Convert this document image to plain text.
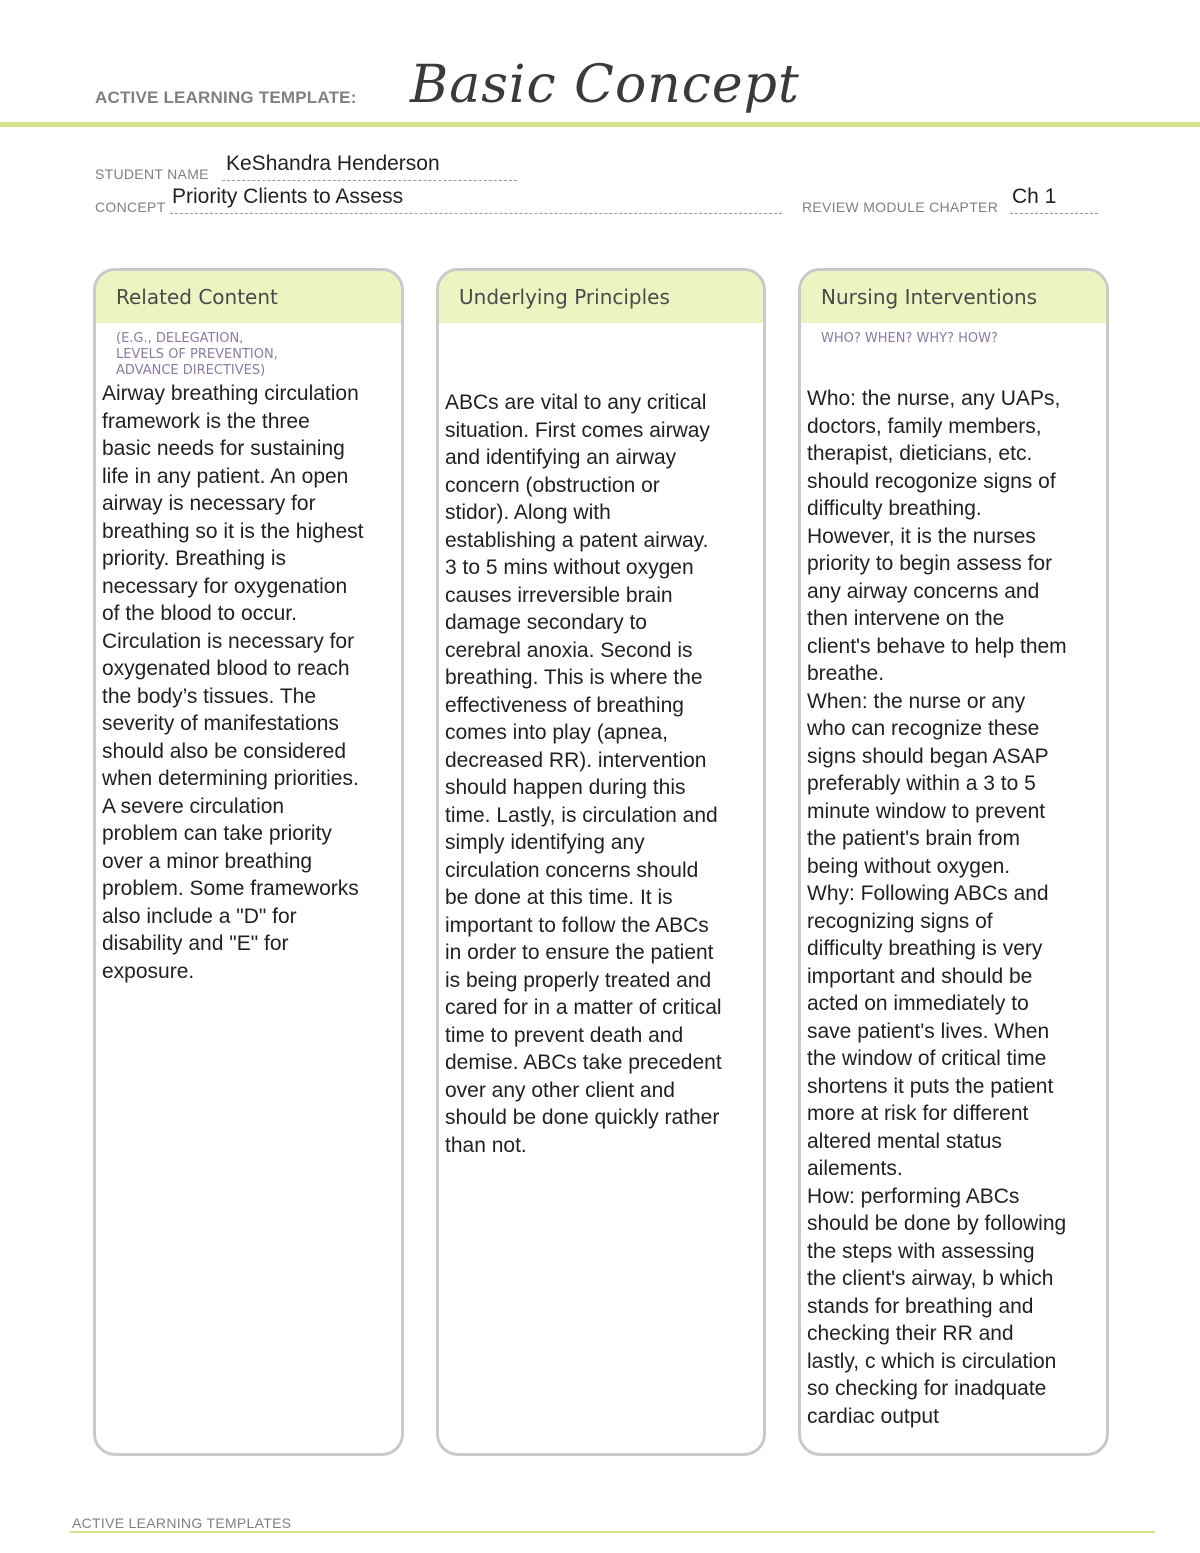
ACTIVE LEARNING TEMPLATE: Basic Concept
STUDENT NAME KeShandra Henderson
CONCEPT Priority Clients to Assess	REVIEW MODULE CHAPTER Ch 1
Related Content
(E.G., DELEGATION,
LEVELS OF PREVENTION,
ADVANCE DIRECTIVES)
Airway breathing circulation
framework is the three
basic needs for sustaining
life in any patient. An open
airway is necessary for
breathing so it is the highest
priority. Breathing is
necessary for oxygenation
of the blood to occur.
Circulation is necessary for
oxygenated blood to reach
the body’s tissues. The
severity of manifestations
should also be considered
when determining priorities.
A severe circulation
problem can take priority
over a minor breathing
problem. Some frameworks
also include a "D" for
disability and "E" for
exposure.
Underlying Principles
ABCs are vital to any critical
situation. First comes airway
and identifying an airway
concern (obstruction or
stidor). Along with
establishing a patent airway.
3 to 5 mins without oxygen
causes irreversible brain
damage secondary to
cerebral anoxia. Second is
breathing. This is where the
effectiveness of breathing
comes into play (apnea,
decreased RR). intervention
should happen during this
time. Lastly, is circulation and
simply identifying any
circulation concerns should
be done at this time. It is
important to follow the ABCs
in order to ensure the patient
is being properly treated and
cared for in a matter of critical
time to prevent death and
demise. ABCs take precedent
over any other client and
should be done quickly rather
than not.
Nursing Interventions
WHO? WHEN? WHY? HOW?
Who: the nurse, any UAPs,
doctors, family members,
therapist, dieticians, etc.
should recogonize signs of
difficulty breathing.
However, it is the nurses
priority to begin assess for
any airway concerns and
then intervene on the
client's behave to help them
breathe.
When: the nurse or any
who can recognize these
signs should began ASAP
preferably within a 3 to 5
minute window to prevent
the patient's brain from
being without oxygen.
Why: Following ABCs and
recognizing signs of
difficulty breathing is very
important and should be
acted on immediately to
save patient's lives. When
the window of critical time
shortens it puts the patient
more at risk for different
altered mental status
ailements.
How: performing ABCs
should be done by following
the steps with assessing
the client's airway, b which
stands for breathing and
checking their RR and
lastly, c which is circulation
so checking for inadquate
cardiac output
ACTIVE LEARNING TEMPLATES
